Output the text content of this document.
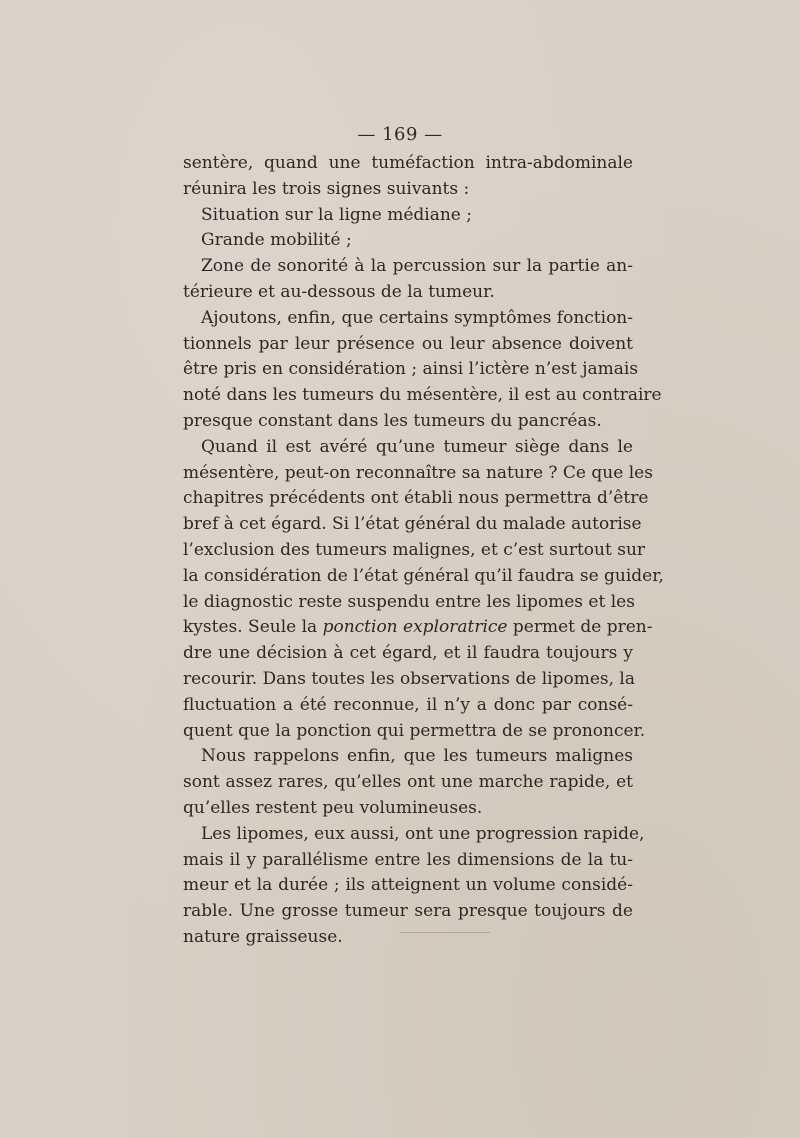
— 169 —
sentère, quand une tuméfaction intra-abdominale
réunira les trois signes suivants :
Situation sur la ligne médiane ;
Grande mobilité ;
Zone de sonorité à la percussion sur la partie an-
térieure et au-dessous de la tumeur.
Ajoutons, enfin, que certains symptômes fonction-
tionnels par leur présence ou leur absence doivent
être pris en considération ; ainsi l’ictère n’est jamais
noté dans les tumeurs du mésentère, il est au contraire
presque constant dans les tumeurs du pancréas.
Quand il est avéré qu’une tumeur siège dans le
mésentère, peut-on reconnaître sa nature ? Ce que les
chapitres précédents ont établi nous permettra d’être
bref à cet égard. Si l’état général du malade autorise
l’exclusion des tumeurs malignes, et c’est surtout sur
la considération de l’état général qu’il faudra se guider,
le diagnostic reste suspendu entre les lipomes et les
kystes. Seule la ponction exploratrice permet de pren-
dre une décision à cet égard, et il faudra toujours y
recourir. Dans toutes les observations de lipomes, la
fluctuation a été reconnue, il n’y a donc par consé-
quent que la ponction qui permettra de se prononcer.
Nous rappelons enfin, que les tumeurs malignes
sont assez rares, qu’elles ont une marche rapide, et
qu’elles restent peu volumineuses.
Les lipomes, eux aussi, ont une progression rapide,
mais il y parallélisme entre les dimensions de la tu-
meur et la durée ; ils atteignent un volume considé-
rable. Une grosse tumeur sera presque toujours de
nature graisseuse.
